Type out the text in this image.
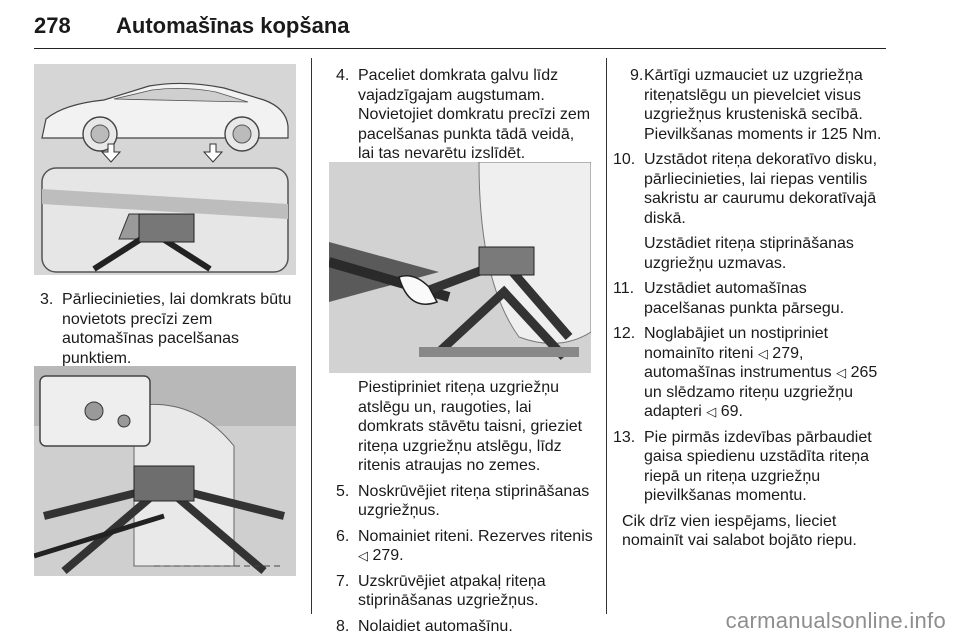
278 Automašīnas kopšana
3. Pārliecinieties, lai domkrats būtu novietots precīzi zem automašīnas pacelšanas punktiem.
4. Paceliet domkrata galvu līdz vajadzīgajam augstumam. Novietojiet domkratu precīzi zem pacelšanas punkta tādā veidā, lai tas nevarētu izslīdēt.
Piestipriniet riteņa uzgriežņu atslēgu un, raugoties, lai domkrats stāvētu taisni, grieziet riteņa uzgriežņu atslēgu, līdz ritenis atraujas no zemes.
5. Noskrūvējiet riteņa stiprināšanas uzgriežņus.
6. Nomainiet riteni. Rezerves ritenis ◁ 279.
7. Uzskrūvējiet atpakaļ riteņa stiprināšanas uzgriežņus.
8. Nolaidiet automašīnu.
9. Kārtīgi uzmauciet uz uzgriežņa riteņatslēgu un pievelciet visus uzgriežņus krusteniskā secībā. Pievilkšanas moments ir 125 Nm.
10. Uzstādot riteņa dekoratīvo disku, pārliecinieties, lai riepas ventilis sakristu ar caurumu dekoratīvajā diskā.
Uzstādiet riteņa stiprināšanas uzgriežņu uzmavas.
11. Uzstādiet automašīnas pacelšanas punkta pārsegu.
12. Noglabājiet un nostipriniet nomainīto riteni ◁ 279, automašīnas instrumentus ◁ 265 un slēdzamo riteņu uzgriežņu adapteri ◁ 69.
13. Pie pirmās izdevības pārbaudiet gaisa spiedienu uzstādīta riteņa riepā un riteņa uzgriežņu pievilkšanas momentu.
Cik drīz vien iespējams, lieciet nomainīt vai salabot bojāto riepu.
carmanualsonline.info
